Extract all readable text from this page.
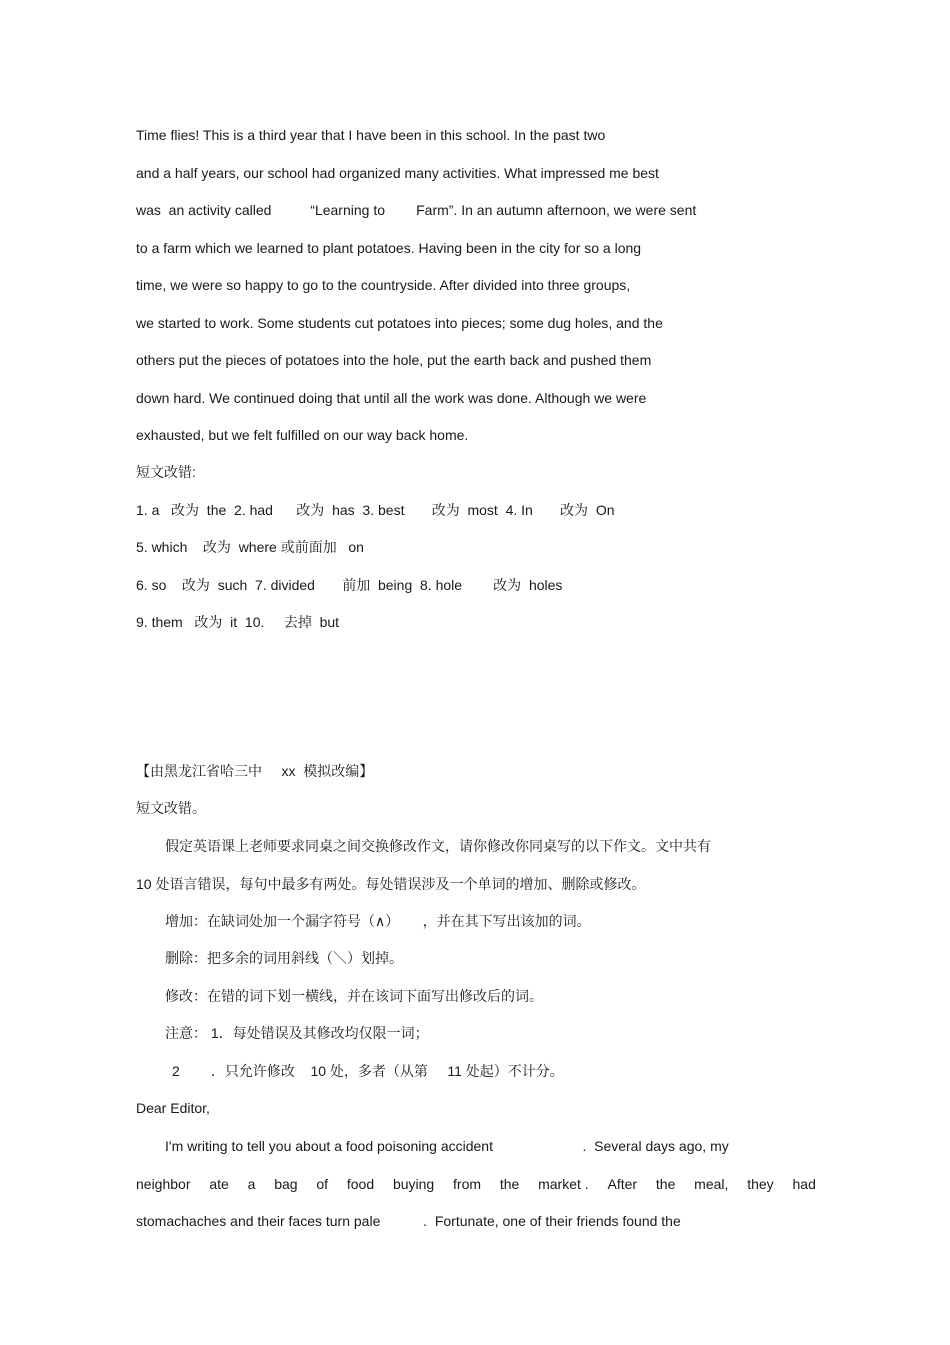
Time flies! This is a third year that I have been in this school. In the past two
and a half years, our school had organized many activities. What impressed me best
was  an activity called          “Learning to        Farm”. In an autumn afternoon, we were sent
to a farm which we learned to plant potatoes. Having been in the city for so a long
time, we were so happy to go to the countryside. After divided into three groups,
we started to work. Some students cut potatoes into pieces; some dug holes, and the
others put the pieces of potatoes into the hole, put the earth back and pushed them
down hard. We continued doing that until all the work was done. Although we were
exhausted, but we felt fulfilled on our way back home.
短文改错:
1. a   改为  the  2. had      改为  has  3. best       改为  most  4. In       改为  On
5. which    改为  where 或前面加   on
6. so    改为  such  7. divided       前加  being  8. hole        改为  holes
9. them   改为  it  10.     去掉  but
【由黑龙江省哈三中     xx  模拟改编】
短文改错。
假定英语课上老师要求同桌之间交换修改作文，请你修改你同桌写的以下作文。文中共有
10 处语言错误，每句中最多有两处。每处错误涉及一个单词的增加、删除或修改。
增加：在缺词处加一个漏字符号（∧）      ，并在其下写出该加的词。
删除：把多余的词用斜线（＼）划掉。
修改：在错的词下划一横线，并在该词下面写出修改后的词。
注意： 1．每处错误及其修改均仅限一词；
2        ．只允许修改    10 处，多者（从第     11 处起）不计分。
Dear Editor,
I'm writing to tell you about a food poisoning accident                       .  Several days ago, my
neighbor ate a bag of food buying from the market . After the meal, they had
stomachaches and their faces turn pale           .  Fortunate, one of their friends found the
